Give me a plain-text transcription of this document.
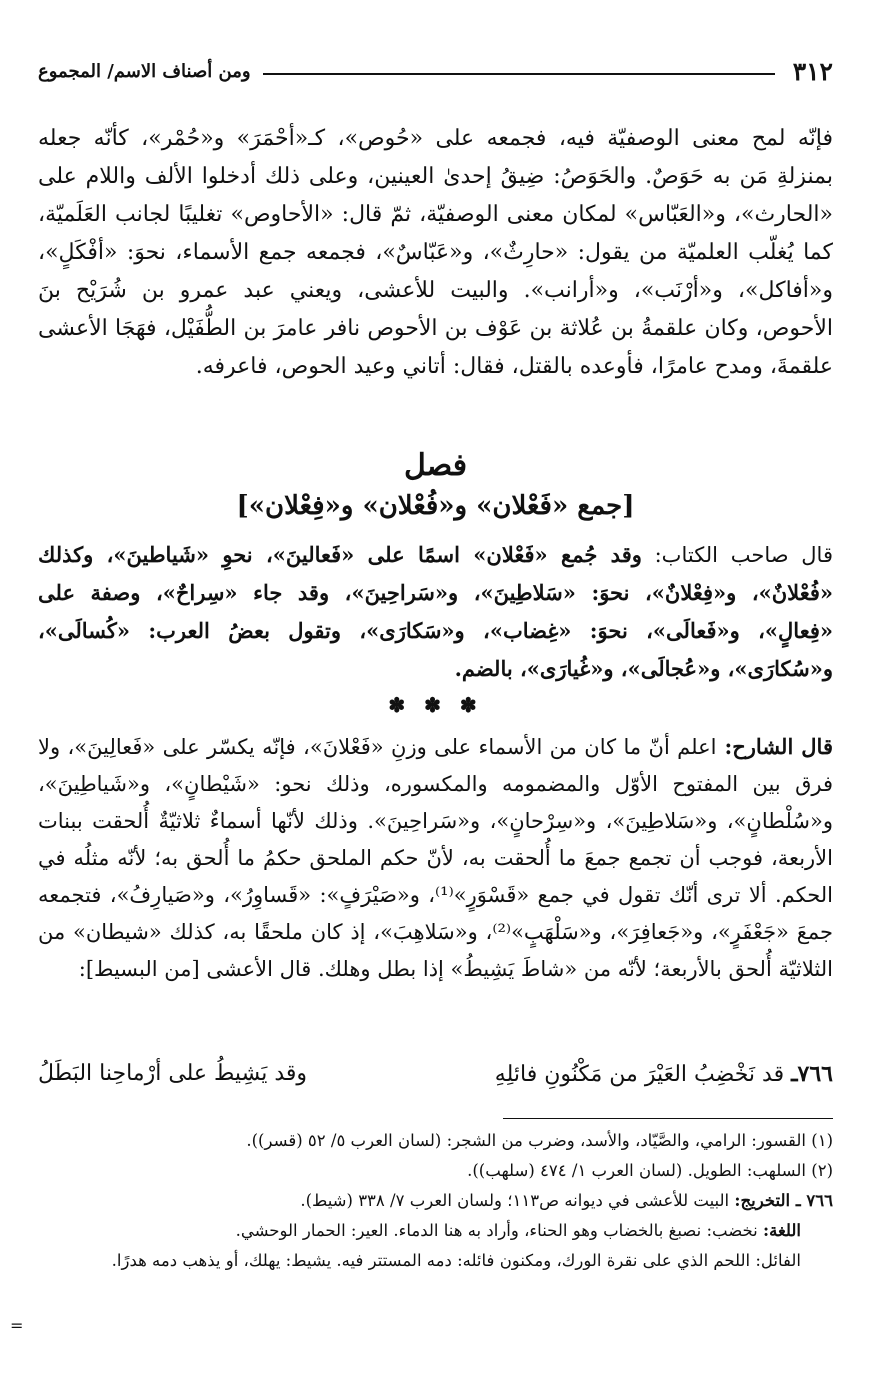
٣١٢
ومن أصناف الاسم/ المجموع
فإنّه لمح معنى الوصفيّة فيه، فجمعه على «حُوص»، كـ«أحْمَرَ» و«حُمْر»، كأنّه جعله بمنزلةِ مَن به حَوَصٌ. والحَوَصُ: ضِيقُ إحدىٰ العينين، وعلى ذلك أدخلوا الألف واللام على «الحارث»، و«العَبّاس» لمكان معنى الوصفيّة، ثمّ قال: «الأحاوص» تغليبًا لجانب العَلَميّة، كما يُغلّب العلميّة من يقول: «حارِثٌ»، و«عَبّاسٌ»، فجمعه جمع الأسماء، نحوَ: «أفْكَلٍ»، و«أفاكل»، و«أرْنَب»، و«أرانب». والبيت للأعشى، ويعني عبد عمرو بن شُرَيْح بنَ الأحوص، وكان علقمةُ بن عُلاثة بن عَوْف بن الأحوص نافر عامرَ بن الطُّفَيْل، فهَجَا الأعشى علقمةَ، ومدح عامرًا، فأوعده بالقتل، فقال: أتاني وعيد الحوص، فاعرفه.
فصل
[جمع «فَعْلان» و«فُعْلان» و«فِعْلان»]
قال صاحب الكتاب: وقد جُمع «فَعْلان» اسمًا على «فَعالينَ»، نحوِ «شَياطينَ»، وكذلك «فُعْلانٌ»، و«فِعْلانٌ»، نحوَ: «سَلاطِينَ»، و«سَراحِينَ»، وقد جاء «سِراحٌ»، وصفة على «فِعالٍ»، و«فَعالَى»، نحوَ: «غِضاب»، و«سَكارَى»، وتقول بعضُ العرب: «كُسالَى»، و«سُكارَى»، و«عُجالَى»، و«غُيارَى»، بالضم.
✽ ✽ ✽
قال الشارح: اعلم أنّ ما كان من الأسماء على وزنِ «فَعْلانَ»، فإنّه يكسّر على «فَعالِينَ»، ولا فرق بين المفتوح الأوّل والمضمومه والمكسوره، وذلك نحو: «شَيْطانٍ»، و«شَياطِينَ»، و«سُلْطانٍ»، و«سَلاطِينَ»، و«سِرْحانٍ»، و«سَراحِينَ». وذلك لأنّها أسماءٌ ثلاثيّةٌ أُلحقت ببنات الأربعة، فوجب أن تجمع جمعَ ما أُلحقت به، لأنّ حكم الملحق حكمُ ما أُلحق به؛ لأنّه مثلُه في الحكم. ألا ترى أنّك تقول في جمع «قَسْوَرٍ»⁽¹⁾، و«صَيْرَفٍ»: «قَساوِرُ»، و«صَيارِفُ»، فتجمعه جمعَ «جَعْفَرٍ»، و«جَعافِرَ»، و«سَلْهَبٍ»⁽²⁾، و«سَلاهِبَ»، إذ كان ملحقًا به، كذلك «شيطان» من الثلاثيّة أُلحق بالأربعة؛ لأنّه من «شاطَ يَشِيطُ» إذا بطل وهلك. قال الأعشى [من البسيط]:
٧٦٦ـ قد نَخْضِبُ العَيْرَ من مَكْنُونِ فائلِهِ
وقد يَشِيطُ على أرْماحِنا البَطَلُ

(١) القسور: الرامي، والصَّيّاد، والأسد، وضرب من الشجر: (لسان العرب ٥/ ٥٢ (قسر)).

(٢) السلهب: الطويل. (لسان العرب ١/ ٤٧٤ (سلهب)).

٧٦٦ ـ التخريج: البيت للأعشى في ديوانه ص١١٣؛ ولسان العرب ٧/ ٣٣٨ (شيط).

اللغة: نخضب: نصبغ بالخضاب وهو الحناء، وأراد به هنا الدماء. العير: الحمار الوحشي.

الفائل: اللحم الذي على نقرة الورك، ومكنون فائله: دمه المستتر فيه. يشيط: يهلك، أو يذهب دمه هدرًا.

=
